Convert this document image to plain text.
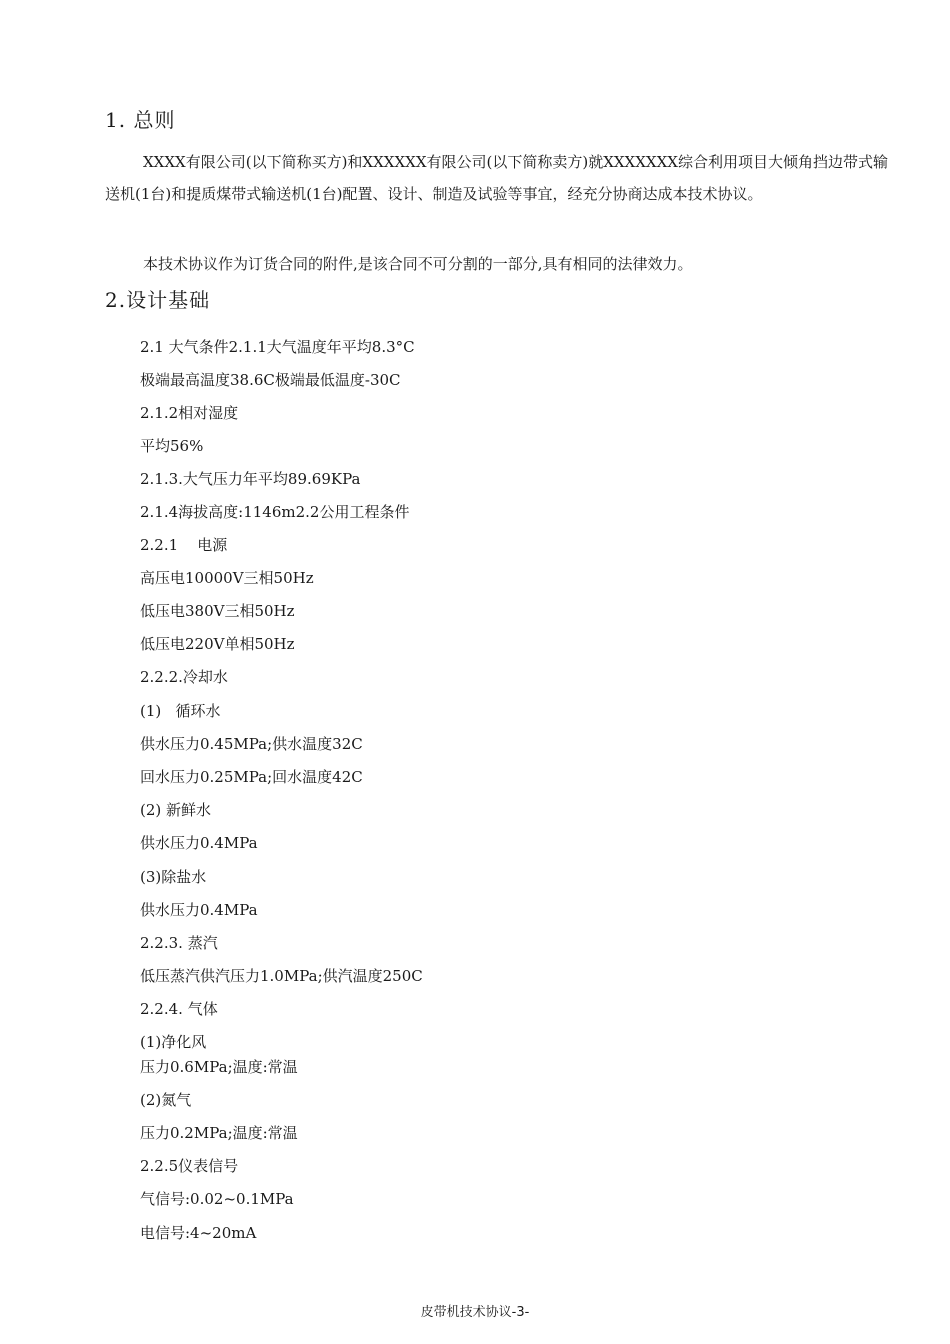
1. 总则

XXXX有限公司(以下简称买方)和XXXXXX有限公司(以下简称卖方)就XXXXXXX综合利用项目大倾角挡边带式输送机(1台)和提质煤带式输送机(1台)配置、设计、制造及试验等事宜，经充分协商达成本技术协议。

本技术协议作为订货合同的附件,是该合同不可分割的一部分,具有相同的法律效力。

2.设计基础

2.1 大气条件2.1.1大气温度年平均8.3°C

极端最高温度38.6C极端最低温度-30C

2.1.2相对湿度

平均56%

2.1.3.大气压力年平均89.69KPa

2.1.4海拔高度:1146m2.2公用工程条件

2.2.1    电源

高压电10000V三相50Hz

低压电380V三相50Hz

低压电220V单相50Hz

2.2.2.冷却水

(1)   循环水

供水压力0.45MPa;供水温度32C

回水压力0.25MPa;回水温度42C

(2) 新鲜水

供水压力0.4MPa

(3)除盐水

供水压力0.4MPa

2.2.3. 蒸汽

低压蒸汽供汽压力1.0MPa;供汽温度250C

2.2.4. 气体

(1)净化风

压力0.6MPa;温度:常温

(2)氮气

压力0.2MPa;温度:常温

2.2.5仪表信号

气信号:0.02~0.1MPa

电信号:4~20mA

皮带机技术协议-3-
